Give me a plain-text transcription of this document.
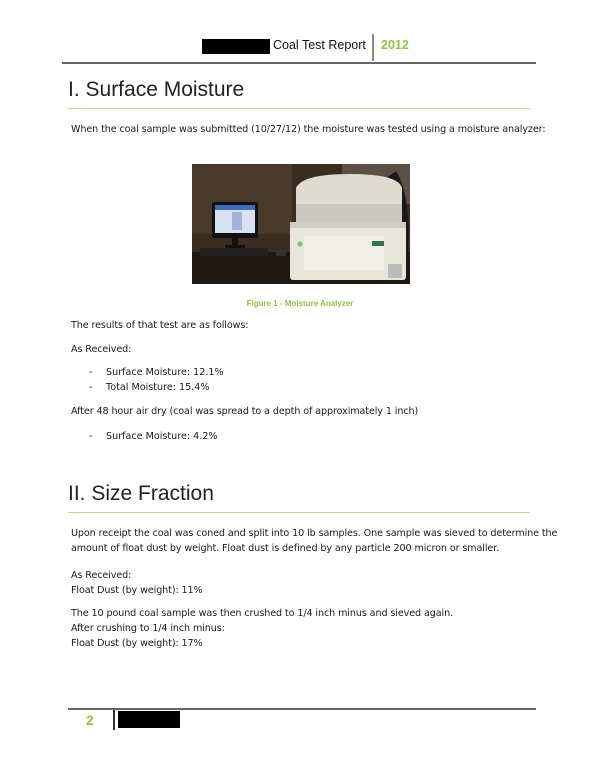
Coal Test Report 2012
I. Surface Moisture
When the coal sample was submitted (10/27/12) the moisture was tested using a moisture analyzer:
Figure 1 - Moisture Analyzer
The results of that test are as follows:
As Received:
- Surface Moisture: 12.1%
- Total Moisture: 15.4%
After 48 hour air dry (coal was spread to a depth of approximately 1 inch)
- Surface Moisture: 4.2%
II. Size Fraction
Upon receipt the coal was coned and split into 10 lb samples. One sample was sieved to determine the
amount of float dust by weight. Float dust is defined by any particle 200 micron or smaller.
As Received:
Float Dust (by weight): 11%
The 10 pound coal sample was then crushed to 1/4 inch minus and sieved again.
After crushing to 1/4 inch minus:
Float Dust (by weight): 17%
2
